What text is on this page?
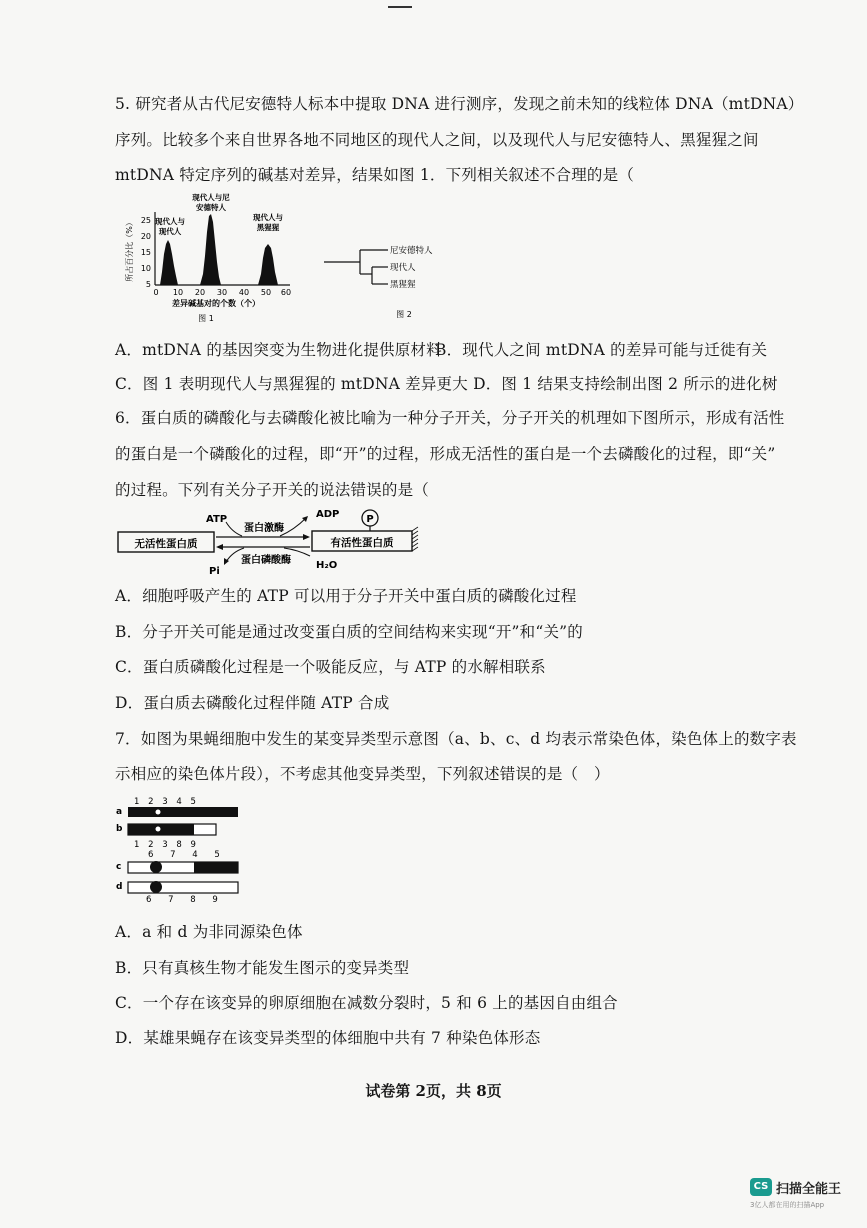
5. 研究者从古代尼安德特人标本中提取 DNA 进行测序，发现之前未知的线粒体 DNA（mtDNA）
序列。比较多个来自世界各地不同地区的现代人之间，以及现代人与尼安德特人、黑猩猩之间
mtDNA 特定序列的碱基对差异，结果如图 1．下列相关叙述不合理的是（
所占百分比（%） 25
20
15
10
5
现代人与
现代人
现代人与尼
安德特人
现代人与
黑猩猩
0 10 20 30 40 50 60
差异碱基对的个数（个）
图 1
尼安德特人
现代人
黑猩猩
图 2
A．mtDNA 的基因突变为生物进化提供原材料
B．现代人之间 mtDNA 的差异可能与迁徙有关
C．图 1 表明现代人与黑猩猩的 mtDNA 差异更大 D．图 1 结果支持绘制出图 2 所示的进化树
6．蛋白质的磷酸化与去磷酸化被比喻为一种分子开关，分子开关的机理如下图所示，形成有活性
的蛋白是一个磷酸化的过程，即“开”的过程，形成无活性的蛋白是一个去磷酸化的过程，即“关”
的过程。下列有关分子开关的说法错误的是（
无活性蛋白质	有活性蛋白质
P
ATP
蛋白激酶
ADP
蛋白磷酸酶
Pi
H₂O
A．细胞呼吸产生的 ATP 可以用于分子开关中蛋白质的磷酸化过程
B．分子开关可能是通过改变蛋白质的空间结构来实现“开”和“关”的
C．蛋白质磷酸化过程是一个吸能反应，与 ATP 的水解相联系
D．蛋白质去磷酸化过程伴随 ATP 合成
7．如图为果蝇细胞中发生的某变异类型示意图（a、b、c、d 均表示常染色体，染色体上的数字表
示相应的染色体片段），不考虑其他变异类型，下列叙述错误的是（　）
1 2 3 4 5
1 2 3 8 9
6 7 4 5
6 7 8 9
a
b
c
d
A．a 和 d 为非同源染色体
B．只有真核生物才能发生图示的变异类型
C．一个存在该变异的卵原细胞在减数分裂时，5 和 6 上的基因自由组合
D．某雄果蝇存在该变异类型的体细胞中共有 7 种染色体形态
试卷第 2页，共 8页
CS 扫描全能王
3亿人都在用的扫描App
